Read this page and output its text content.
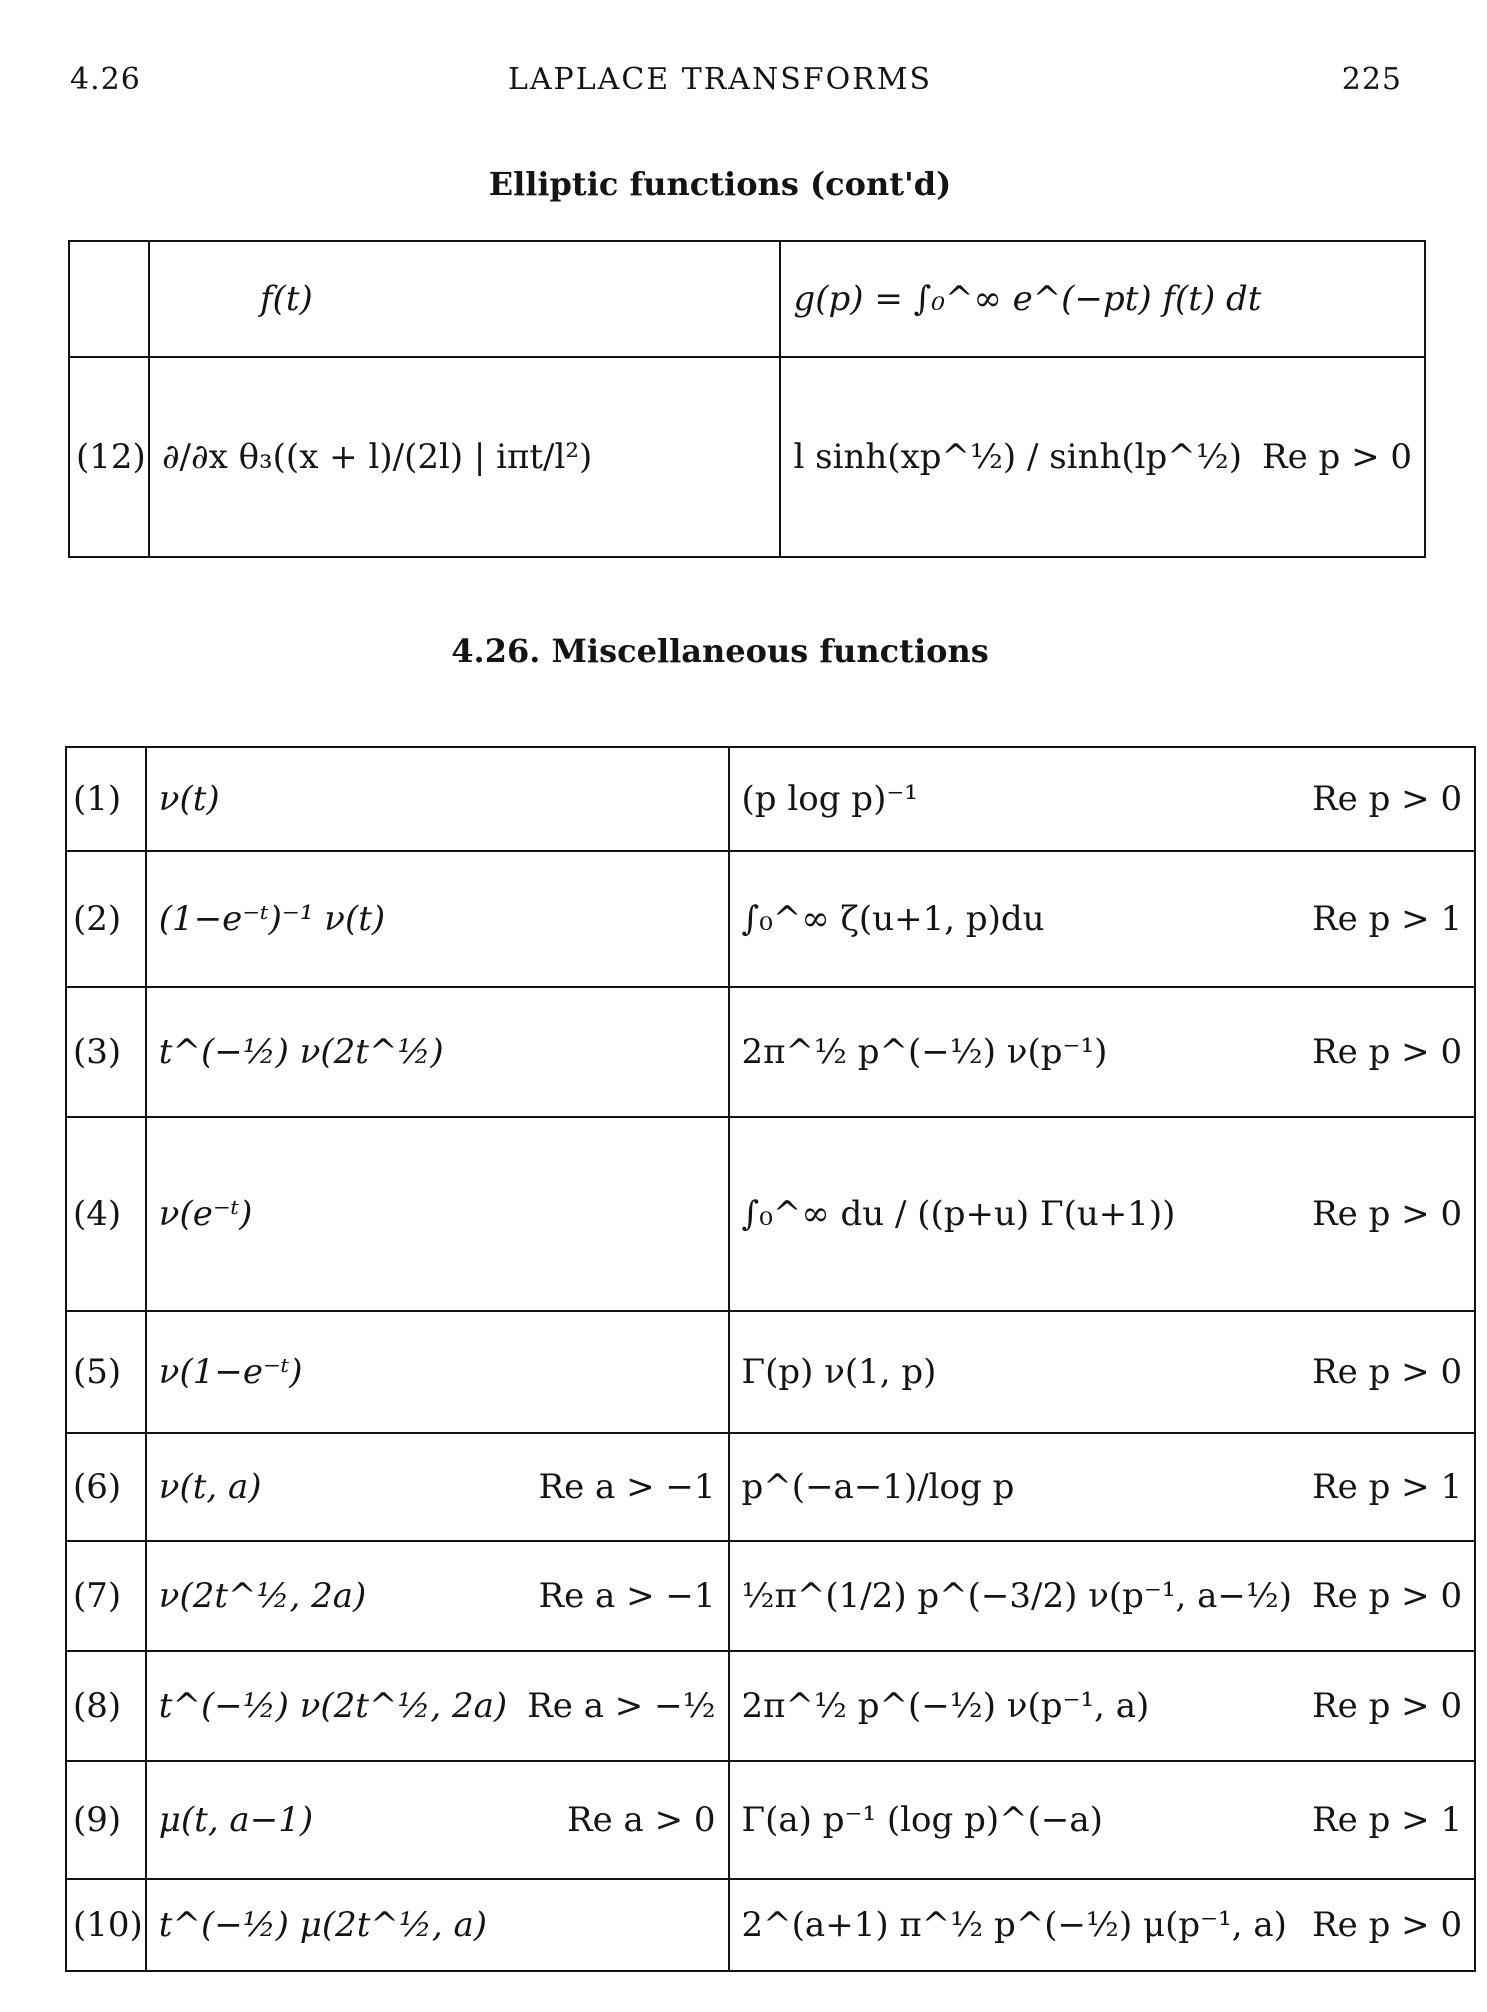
4.26	LAPLACE TRANSFORMS	225
Elliptic functions (cont'd)
	f(t)	g(p) = ∫₀^∞ e^(−pt) f(t) dt
(12)	∂/∂x θ₃((x + l)/(2l) | iπt/l²)	l sinh(xp^½) / sinh(lp^½) Re p > 0
4.26. Miscellaneous functions
(1)	ν(t)	(p log p)⁻¹ Re p > 0

(2)	(1−e⁻ᵗ)⁻¹ ν(t)	∫₀^∞ ζ(u+1, p)du Re p > 1

(3)	t^(−½) ν(2t^½)	2π^½ p^(−½) ν(p⁻¹) Re p > 0

(4)	ν(e⁻ᵗ)	∫₀^∞ du / ((p+u) Γ(u+1)) Re p > 0

(5)	ν(1−e⁻ᵗ)	Γ(p) ν(1, p) Re p > 0

(6)	ν(t, a) Re a > −1	p^(−a−1)/log p Re p > 1

(7)	ν(2t^½, 2a) Re a > −1	½π^(1/2) p^(−3/2) ν(p⁻¹, a−½) Re p > 0

(8)	t^(−½) ν(2t^½, 2a) Re a > −½	2π^½ p^(−½) ν(p⁻¹, a) Re p > 0

(9)	μ(t, a−1) Re a > 0	Γ(a) p⁻¹ (log p)^(−a) Re p > 1

(10)	t^(−½) μ(2t^½, a)	2^(a+1) π^½ p^(−½) μ(p⁻¹, a) Re p > 0
